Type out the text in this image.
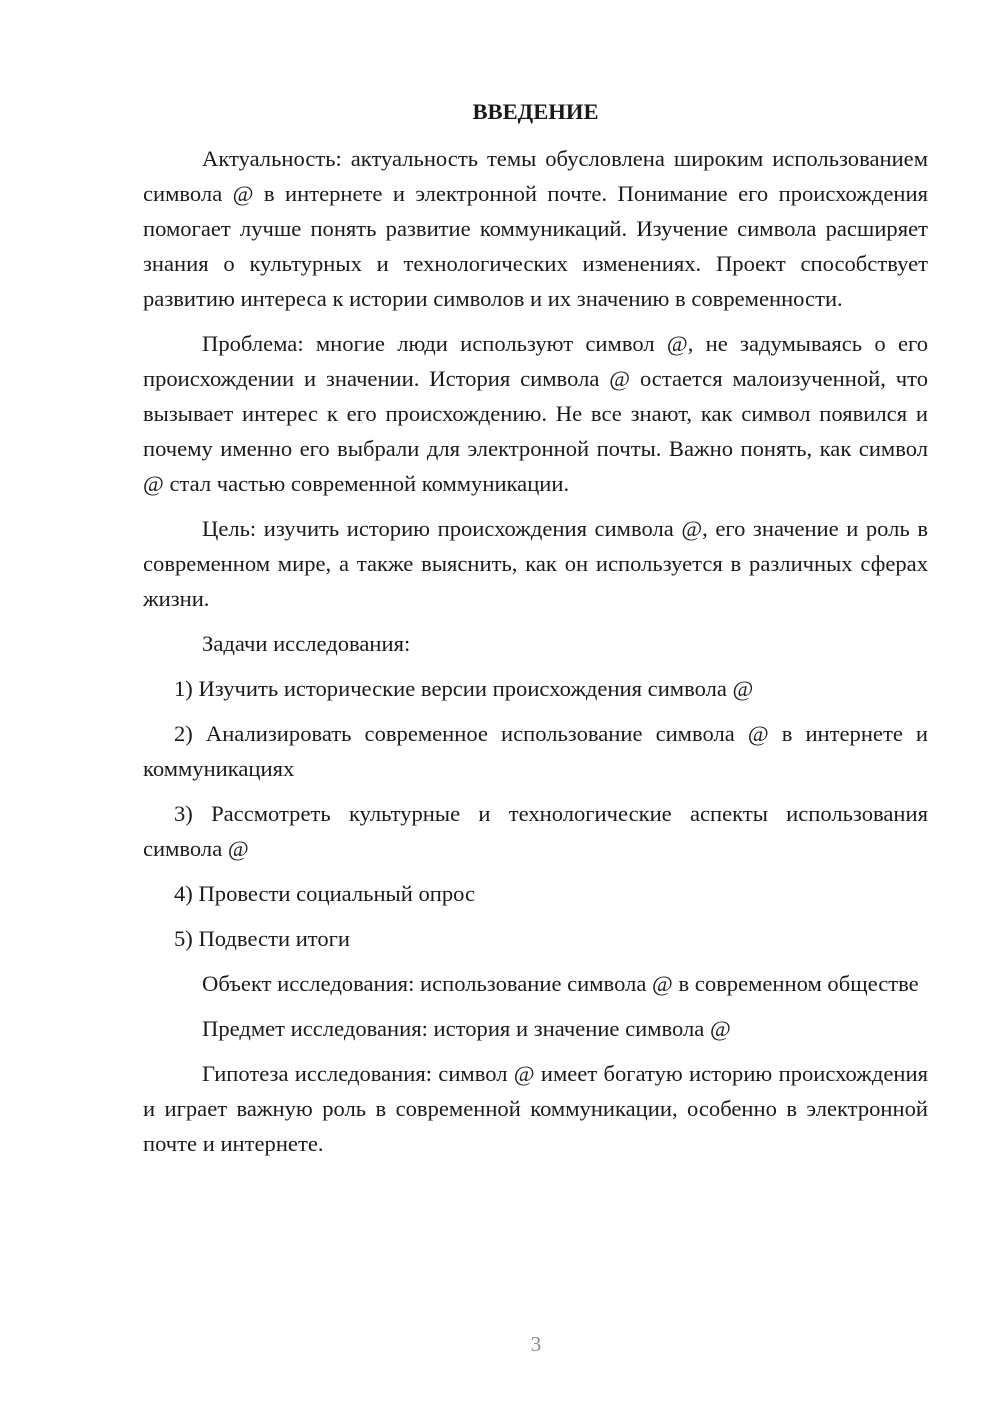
ВВЕДЕНИЕ

Актуальность: актуальность темы обусловлена широким использованием символа @ в интернете и электронной почте. Понимание его происхождения помогает лучше понять развитие коммуникаций. Изучение символа расширяет знания о культурных и технологических изменениях. Проект способствует развитию интереса к истории символов и их значению в современности.

Проблема: многие люди используют символ @, не задумываясь о его происхождении и значении. История символа @ остается малоизученной, что вызывает интерес к его происхождению. Не все знают, как символ появился и почему именно его выбрали для электронной почты. Важно понять, как символ @ стал частью современной коммуникации.

Цель: изучить историю происхождения символа @, его значение и роль в современном мире, а также выяснить, как он используется в различных сферах жизни.

Задачи исследования:

1) Изучить исторические версии происхождения символа @

2) Анализировать современное использование символа @ в интернете и коммуникациях

3) Рассмотреть культурные и технологические аспекты использования символа @

4) Провести социальный опрос

5) Подвести итоги

Объект исследования: использование символа @ в современном обществе

Предмет исследования: история и значение символа @

Гипотеза исследования: символ @ имеет богатую историю происхождения и играет важную роль в современной коммуникации, особенно в электронной почте и интернете.

3
